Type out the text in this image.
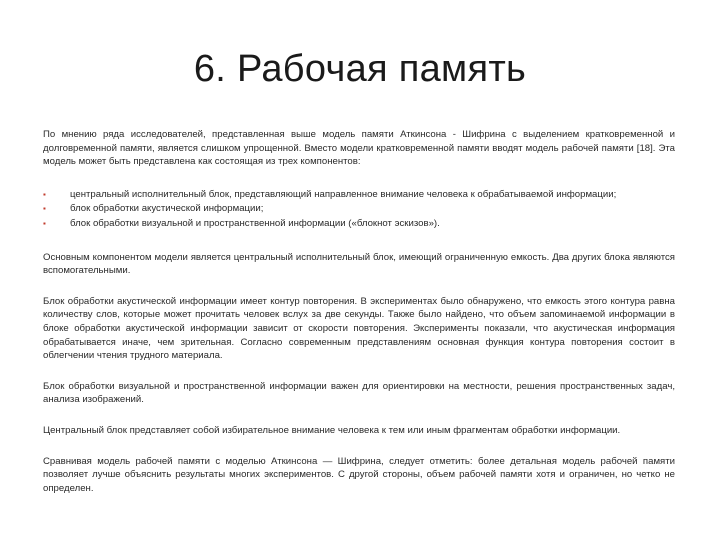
6. Рабочая память

По мнению ряда исследователей, представленная выше модель памяти Аткинсона - Шифрина с выделением кратковременной и долговременной памяти, является слишком упрощенной. Вместо модели кратковременной памяти вводят модель рабочей памяти [18]. Эта модель может быть представлена как состоящая из трех компонентов:

▪	центральный исполнительный блок, представляющий направленное внимание человека к обрабатываемой информации;
▪	блок обработки акустической информации;
▪	блок обработки визуальной и пространственной информации («блокнот эскизов»).

Основным компонентом модели является центральный исполнительный блок, имеющий ограниченную емкость. Два других блока являются вспомогательными.

Блок обработки акустической информации имеет контур повторения. В экспериментах было обнаружено, что емкость этого контура равна количеству слов, которые может прочитать человек вслух за две секунды. Также было найдено, что объем запоминаемой информации в блоке обработки акустической информации зависит от скорости повторения. Эксперименты показали, что акустическая информация обрабатывается иначе, чем зрительная. Согласно современным представлениям основная функция контура повторения состоит в облегчении чтения трудного материала.

Блок обработки визуальной и пространственной информации важен для ориентировки на местности, решения пространственных задач, анализа изображений.

Центральный блок представляет собой избирательное внимание человека к тем или иным фрагментам обработки информации.

Сравнивая модель рабочей памяти с моделью Аткинсона — Шифрина, следует отметить: более детальная модель рабочей памяти позволяет лучше объяснить результаты многих экспериментов. С другой стороны, объем рабочей памяти хотя и ограничен, но четко не определен.
